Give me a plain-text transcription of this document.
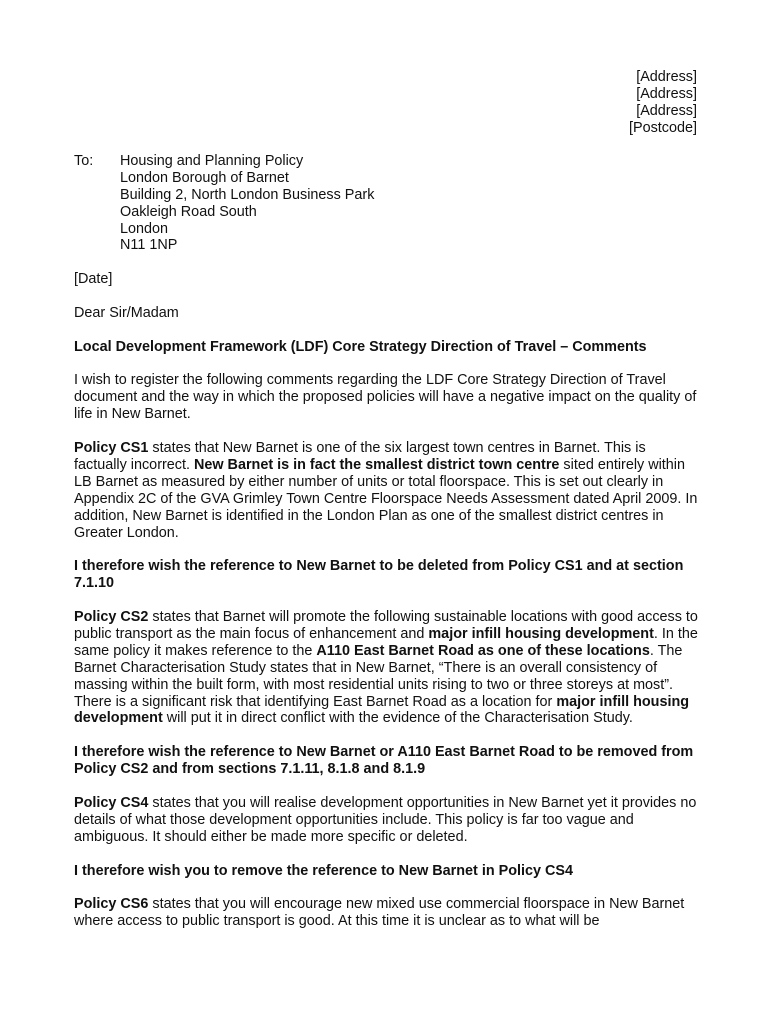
[Address]
[Address]
[Address]
[Postcode]
To: Housing and Planning Policy
London Borough of Barnet
Building 2, North London Business Park
Oakleigh Road South
London
N11 1NP

[Date]

Dear Sir/Madam

Local Development Framework (LDF) Core Strategy Direction of Travel – Comments

I wish to register the following comments regarding the LDF Core Strategy Direction of Travel document and the way in which the proposed policies will have a negative impact on the quality of life in New Barnet.

Policy CS1 states that New Barnet is one of the six largest town centres in Barnet. This is factually incorrect. New Barnet is in fact the smallest district town centre sited entirely within LB Barnet as measured by either number of units or total floorspace. This is set out clearly in Appendix 2C of the GVA Grimley Town Centre Floorspace Needs Assessment dated April 2009. In addition, New Barnet is identified in the London Plan as one of the smallest district centres in Greater London.

I therefore wish the reference to New Barnet to be deleted from Policy CS1 and at section 7.1.10

Policy CS2 states that Barnet will promote the following sustainable locations with good access to public transport as the main focus of enhancement and major infill housing development. In the same policy it makes reference to the A110 East Barnet Road as one of these locations. The Barnet Characterisation Study states that in New Barnet, “There is an overall consistency of massing within the built form, with most residential units rising to two or three storeys at most”. There is a significant risk that identifying East Barnet Road as a location for major infill housing development will put it in direct conflict with the evidence of the Characterisation Study.

I therefore wish the reference to New Barnet or A110 East Barnet Road to be removed from Policy CS2 and from sections 7.1.11, 8.1.8 and 8.1.9

Policy CS4 states that you will realise development opportunities in New Barnet yet it provides no details of what those development opportunities include. This policy is far too vague and ambiguous. It should either be made more specific or deleted.

I therefore wish you to remove the reference to New Barnet in Policy CS4

Policy CS6 states that you will encourage new mixed use commercial floorspace in New Barnet where access to public transport is good. At this time it is unclear as to what will be
